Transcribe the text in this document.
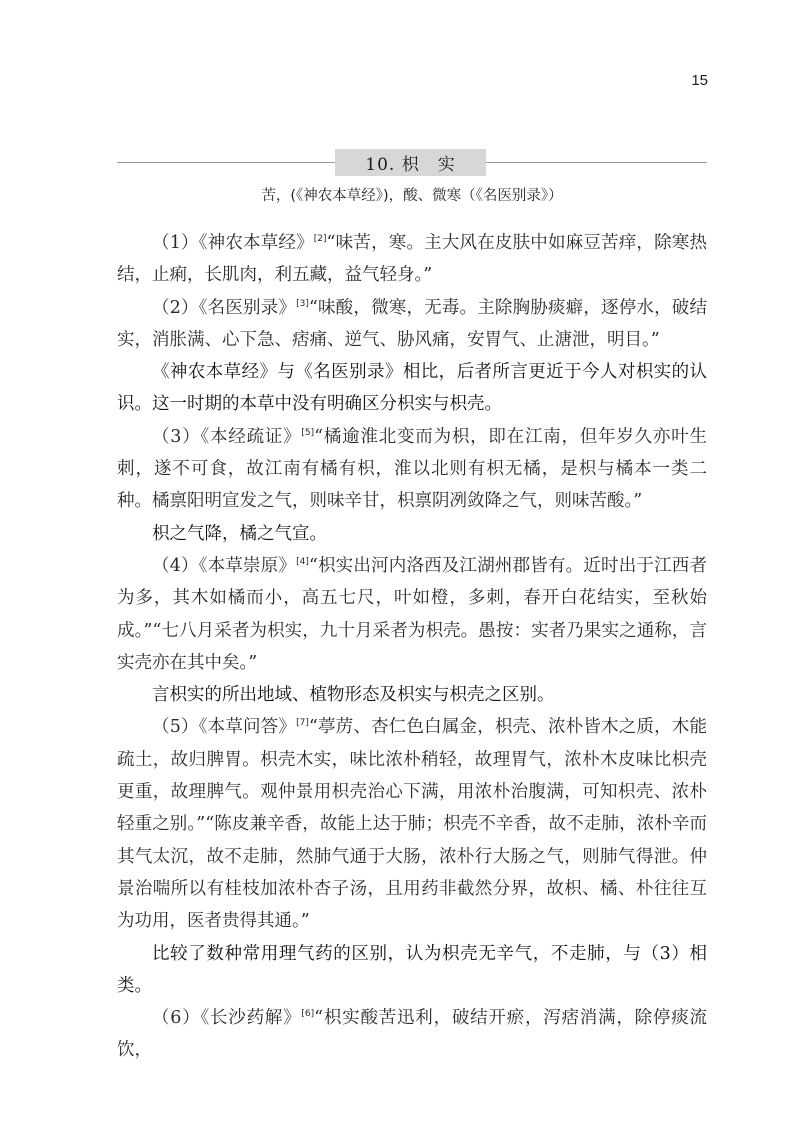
15
10. 枳　实
苦，(《神农本草经》)，酸、微寒（《名医别录》）

（1）《神农本草经》[2]“味苦，寒。主大风在皮肤中如麻豆苦痒，除寒热结，止痢，长肌肉，利五藏，益气轻身。”

（2）《名医别录》[3]“味酸，微寒，无毒。主除胸胁痰癖，逐停水，破结实，消胀满、心下急、痞痛、逆气、胁风痛，安胃气、止溏泄，明目。”

《神农本草经》与《名医别录》相比，后者所言更近于今人对枳实的认识。这一时期的本草中没有明确区分枳实与枳壳。

（3）《本经疏证》[5]“橘逾淮北变而为枳，即在江南，但年岁久亦叶生刺，遂不可食，故江南有橘有枳，淮以北则有枳无橘，是枳与橘本一类二种。橘禀阳明宣发之气，则味辛甘，枳禀阴冽敛降之气，则味苦酸。”

枳之气降，橘之气宣。

（4）《本草崇原》[4]“枳实出河内洛西及江湖州郡皆有。近时出于江西者为多，其木如橘而小，高五七尺，叶如橙，多刺，春开白花结实，至秋始成。”“七八月采者为枳实，九十月采者为枳壳。愚按：实者乃果实之通称，言实壳亦在其中矣。”

言枳实的所出地域、植物形态及枳实与枳壳之区别。

（5）《本草问答》[7]“葶苈、杏仁色白属金，枳壳、浓朴皆木之质，木能疏土，故归脾胃。枳壳木实，味比浓朴稍轻，故理胃气，浓朴木皮味比枳壳更重，故理脾气。观仲景用枳壳治心下满，用浓朴治腹满，可知枳壳、浓朴轻重之别。”“陈皮兼辛香，故能上达于肺；枳壳不辛香，故不走肺，浓朴辛而其气太沉，故不走肺，然肺气通于大肠，浓朴行大肠之气，则肺气得泄。仲景治喘所以有桂枝加浓朴杏子汤，且用药非截然分界，故枳、橘、朴往往互为功用，医者贵得其通。”

比较了数种常用理气药的区别，认为枳壳无辛气，不走肺，与（3）相类。

（6）《长沙药解》[6]“枳实酸苦迅利，破结开瘀，泻痞消满，除停痰流饮，
